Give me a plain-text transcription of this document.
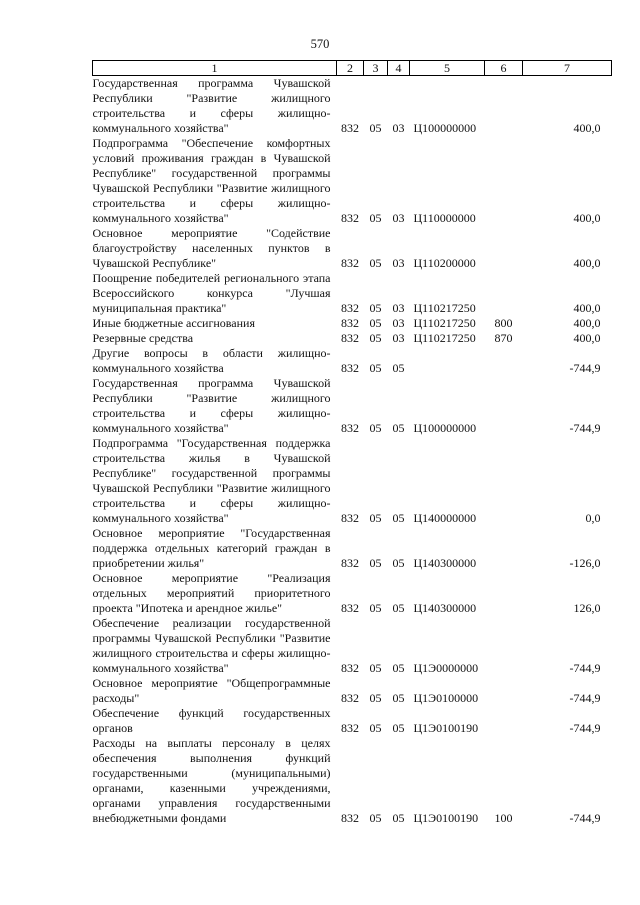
570
1	2	3	4	5	6	7
Государственная программа Чувашской Республики "Развитие жилищного строительства и сферы жилищно-коммунального хозяйства"	832	05	03	Ц100000000		400,0
Подпрограмма "Обеспечение комфортных условий проживания граждан в Чувашской Республике" государственной программы Чувашской Республики "Развитие жилищного строительства и сферы жилищно-коммунального хозяйства"	832	05	03	Ц110000000		400,0
Основное мероприятие "Содействие благоустройству населенных пунктов в Чувашской Республике"	832	05	03	Ц110200000		400,0
Поощрение победителей регионального этапа Всероссийского конкурса "Лучшая муниципальная практика"	832	05	03	Ц110217250		400,0
Иные бюджетные ассигнования	832	05	03	Ц110217250	800	400,0
Резервные средства	832	05	03	Ц110217250	870	400,0
Другие вопросы в области жилищно-коммунального хозяйства	832	05	05			-744,9
Государственная программа Чувашской Республики "Развитие жилищного строительства и сферы жилищно-коммунального хозяйства"	832	05	05	Ц100000000		-744,9
Подпрограмма "Государственная поддержка строительства жилья в Чувашской Республике" государственной программы Чувашской Республики "Развитие жилищного строительства и сферы жилищно-коммунального хозяйства"	832	05	05	Ц140000000		0,0
Основное мероприятие "Государственная поддержка отдельных категорий граждан в приобретении жилья"	832	05	05	Ц140300000		-126,0
Основное мероприятие "Реализация отдельных мероприятий приоритетного проекта "Ипотека и арендное жилье"	832	05	05	Ц140300000		126,0
Обеспечение реализации государственной программы Чувашской Республики "Развитие жилищного строительства и сферы жилищно-коммунального хозяйства"	832	05	05	Ц1Э0000000		-744,9
Основное мероприятие "Общепрограммные расходы"	832	05	05	Ц1Э0100000		-744,9
Обеспечение функций государственных органов	832	05	05	Ц1Э0100190		-744,9
Расходы на выплаты персоналу в целях обеспечения выполнения функций государственными (муниципальными) органами, казенными учреждениями, органами управления государственными внебюджетными фондами	832	05	05	Ц1Э0100190	100	-744,9
